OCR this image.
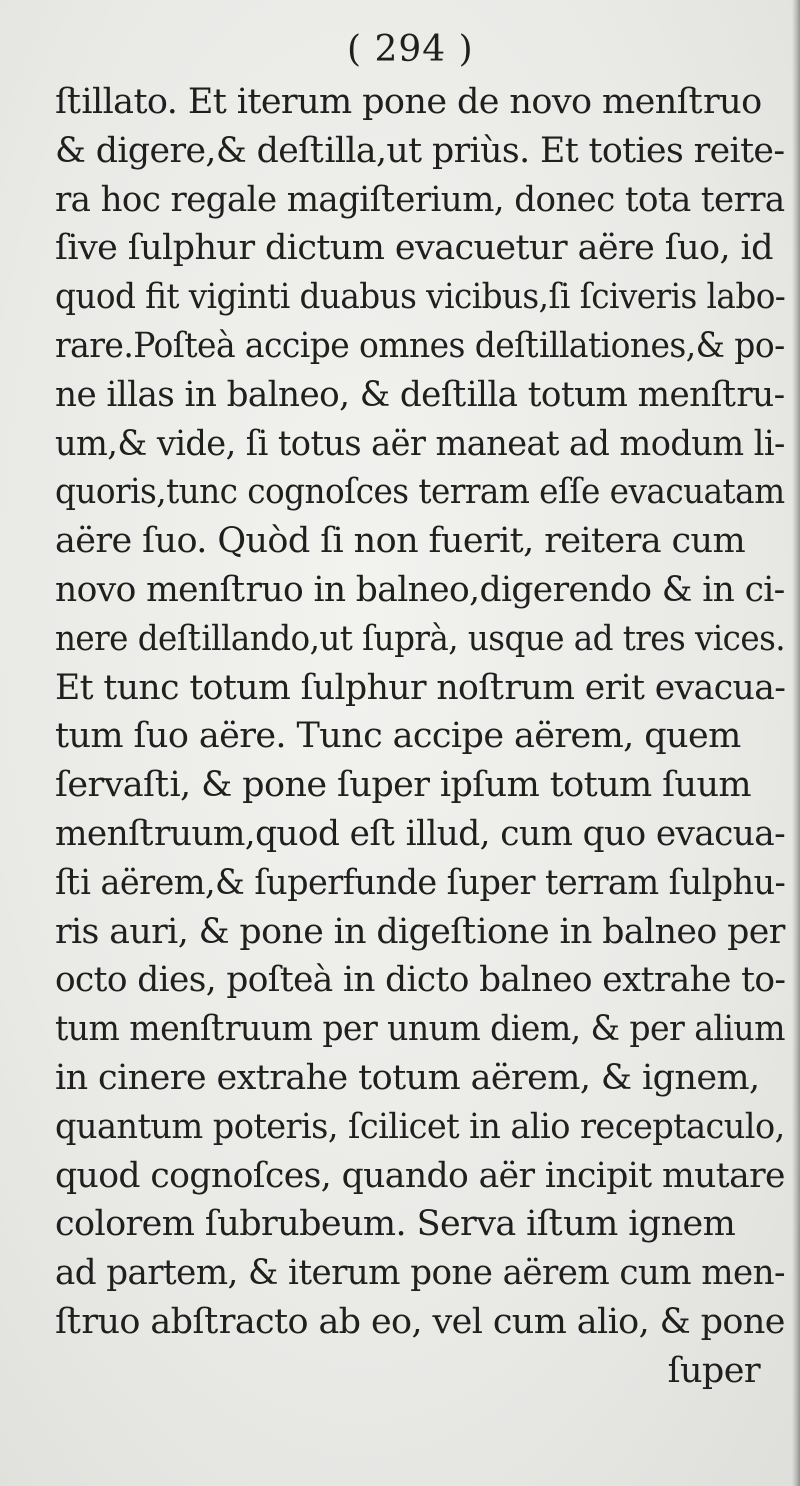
( 294 )
ﬅillato. Et iterum pone de novo menﬅruo
& digere,& deﬅilla,ut priùs. Et toties reite-
ra hoc regale magiﬅerium, donec tota terra
ſive ſulphur dictum evacuetur aëre ſuo, id
quod ﬁt viginti duabus vicibus,ſi ſciveris labo-
rare.Poſteà accipe omnes deﬅillationes,& po-
ne illas in balneo, & deﬅilla totum menﬅru-
um,& vide, ſi totus aër maneat ad modum li-
quoris,tunc cognoſces terram eſſe evacuatam
aëre ſuo. Quòd ſi non fuerit, reitera cum
novo menﬅruo in balneo,digerendo & in ci-
nere deﬅillando,ut ſuprà, usque ad tres vices.
Et tunc totum ſulphur noﬅrum erit evacua-
tum ſuo aëre. Tunc accipe aërem, quem
ſervaﬅi, & pone ſuper ipſum totum ſuum
menﬅruum,quod eﬅ illud, cum quo evacua-
ﬅi aërem,& ſuperfunde ſuper terram ſulphu-
ris auri, & pone in digeﬅione in balneo per
octo dies, poſteà in dicto balneo extrahe to-
tum menﬅruum per unum diem, & per alium
in cinere extrahe totum aërem, & ignem,
quantum poteris, ſcilicet in alio receptaculo,
quod cognoſces, quando aër incipit mutare
colorem ſubrubeum. Serva iﬅum ignem
ad partem, & iterum pone aërem cum men-
ﬅruo abﬅracto ab eo, vel cum alio, & pone
ſuper
